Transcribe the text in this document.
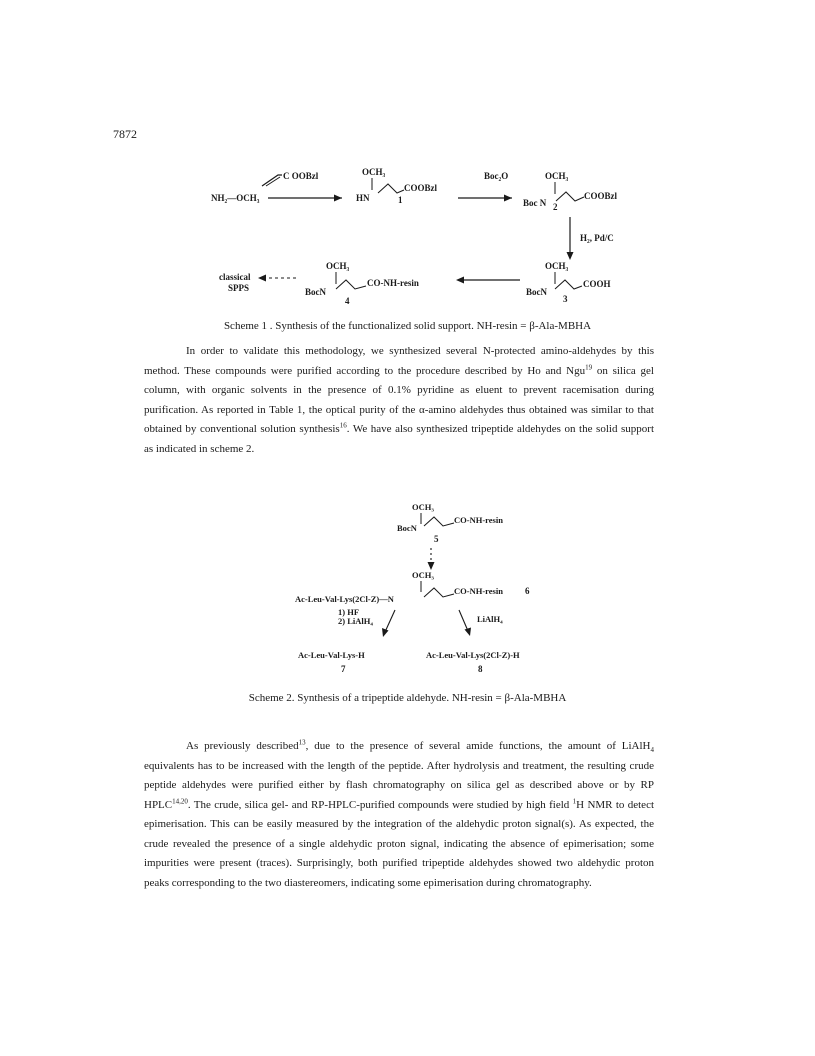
7872
NH₂—OCH₃
C OOBzl	OCH₃
HN
COOBzl
1
Boc₂O	OCH₃
Boc N
COOBzl
2
H₂, Pd/C
OCH₃
BocN
COOH
3
OCH₃
BocN
CO-NH-resin
4
classical
SPPS
Scheme 1 . Synthesis of the functionalized solid support. NH-resin = β-Ala-MBHA

In order to validate this methodology, we synthesized several N-protected amino-aldehydes by this method. These compounds were purified according to the procedure described by Ho and Ngu$^{19}$ on silica gel column, with organic solvents in the presence of 0.1% pyridine as eluent to prevent racemisation during purification. As reported in Table 1, the optical purity of the α-amino aldehydes thus obtained was similar to that obtained by conventional solution synthesis$^{16}$. We have also synthesized tripeptide aldehydes on the solid support as indicated in scheme 2.

OCH₃
BocN
CO-NH-resin
5
OCH₃
Ac-Leu-Val-Lys(2Cl-Z)—N
CO-NH-resin 6
1) HF
2) LiAlH₄	LiAlH₄
Ac-Leu-Val-Lys-H
7
Ac-Leu-Val-Lys(2Cl-Z)-H
8
Scheme 2. Synthesis of a tripeptide aldehyde. NH-resin = β-Ala-MBHA

As previously described$^{13}$, due to the presence of several amide functions, the amount of LiAlH$_4$ equivalents has to be increased with the length of the peptide. After hydrolysis and treatment, the resulting crude peptide aldehydes were purified either by flash chromatography on silica gel as described above or by RP HPLC$^{14,20}$. The crude, silica gel- and RP-HPLC-purified compounds were studied by high field $^1$H NMR to detect epimerisation. This can be easily measured by the integration of the aldehydic proton signal(s). As expected, the crude revealed the presence of a single aldehydic proton signal, indicating the absence of epimerisation; some impurities were present (traces). Surprisingly, both purified tripeptide aldehydes showed two aldehydic proton peaks corresponding to the two diastereomers, indicating some epimerisation during chromatography.
